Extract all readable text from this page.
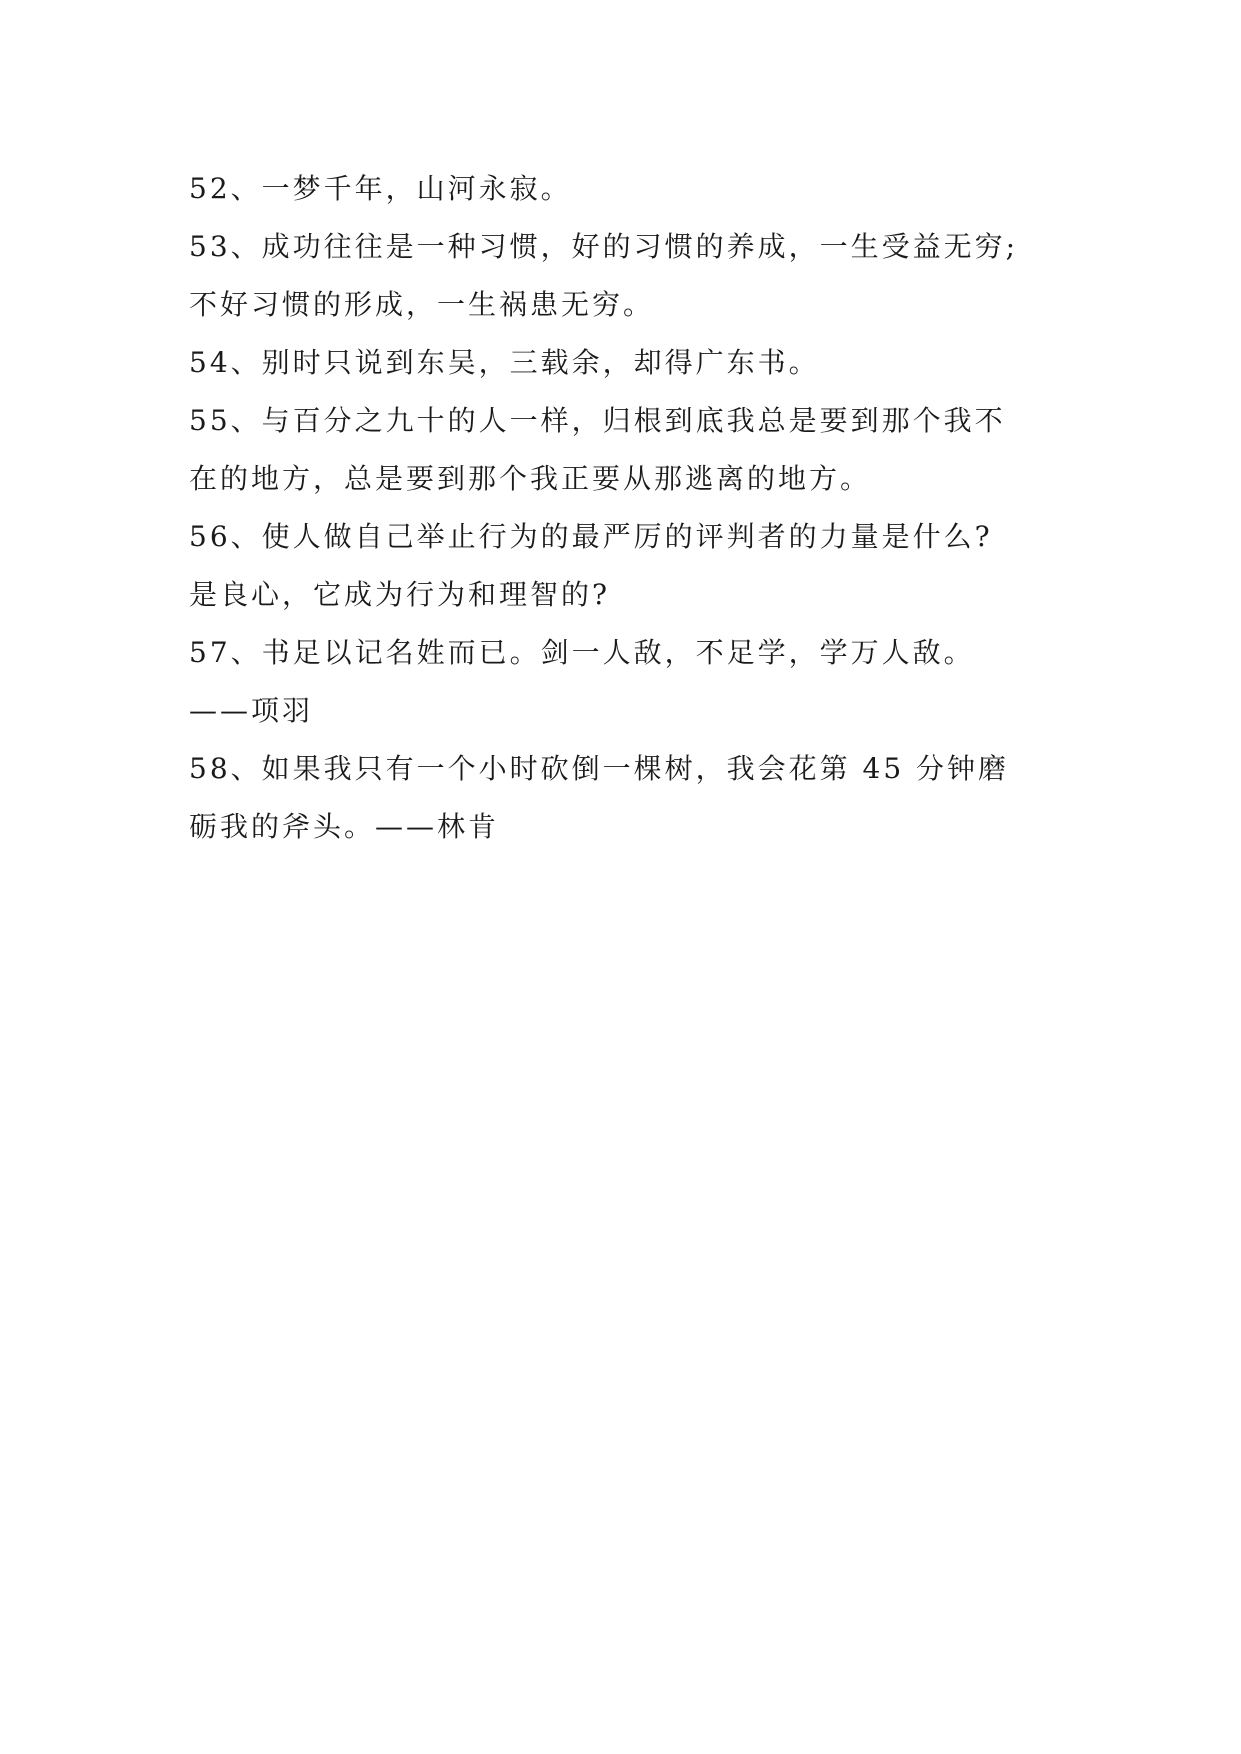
52、一梦千年，山河永寂。
53、成功往往是一种习惯，好的习惯的养成，一生受益无穷;
不好习惯的形成，一生祸患无穷。
54、别时只说到东吴，三载余，却得广东书。
55、与百分之九十的人一样，归根到底我总是要到那个我不
在的地方，总是要到那个我正要从那逃离的地方。
56、使人做自己举止行为的最严厉的评判者的力量是什么?
是良心，它成为行为和理智的?
57、书足以记名姓而已。剑一人敌，不足学，学万人敌。
——项羽
58、如果我只有一个小时砍倒一棵树，我会花第 45 分钟磨
砺我的斧头。——林肯
